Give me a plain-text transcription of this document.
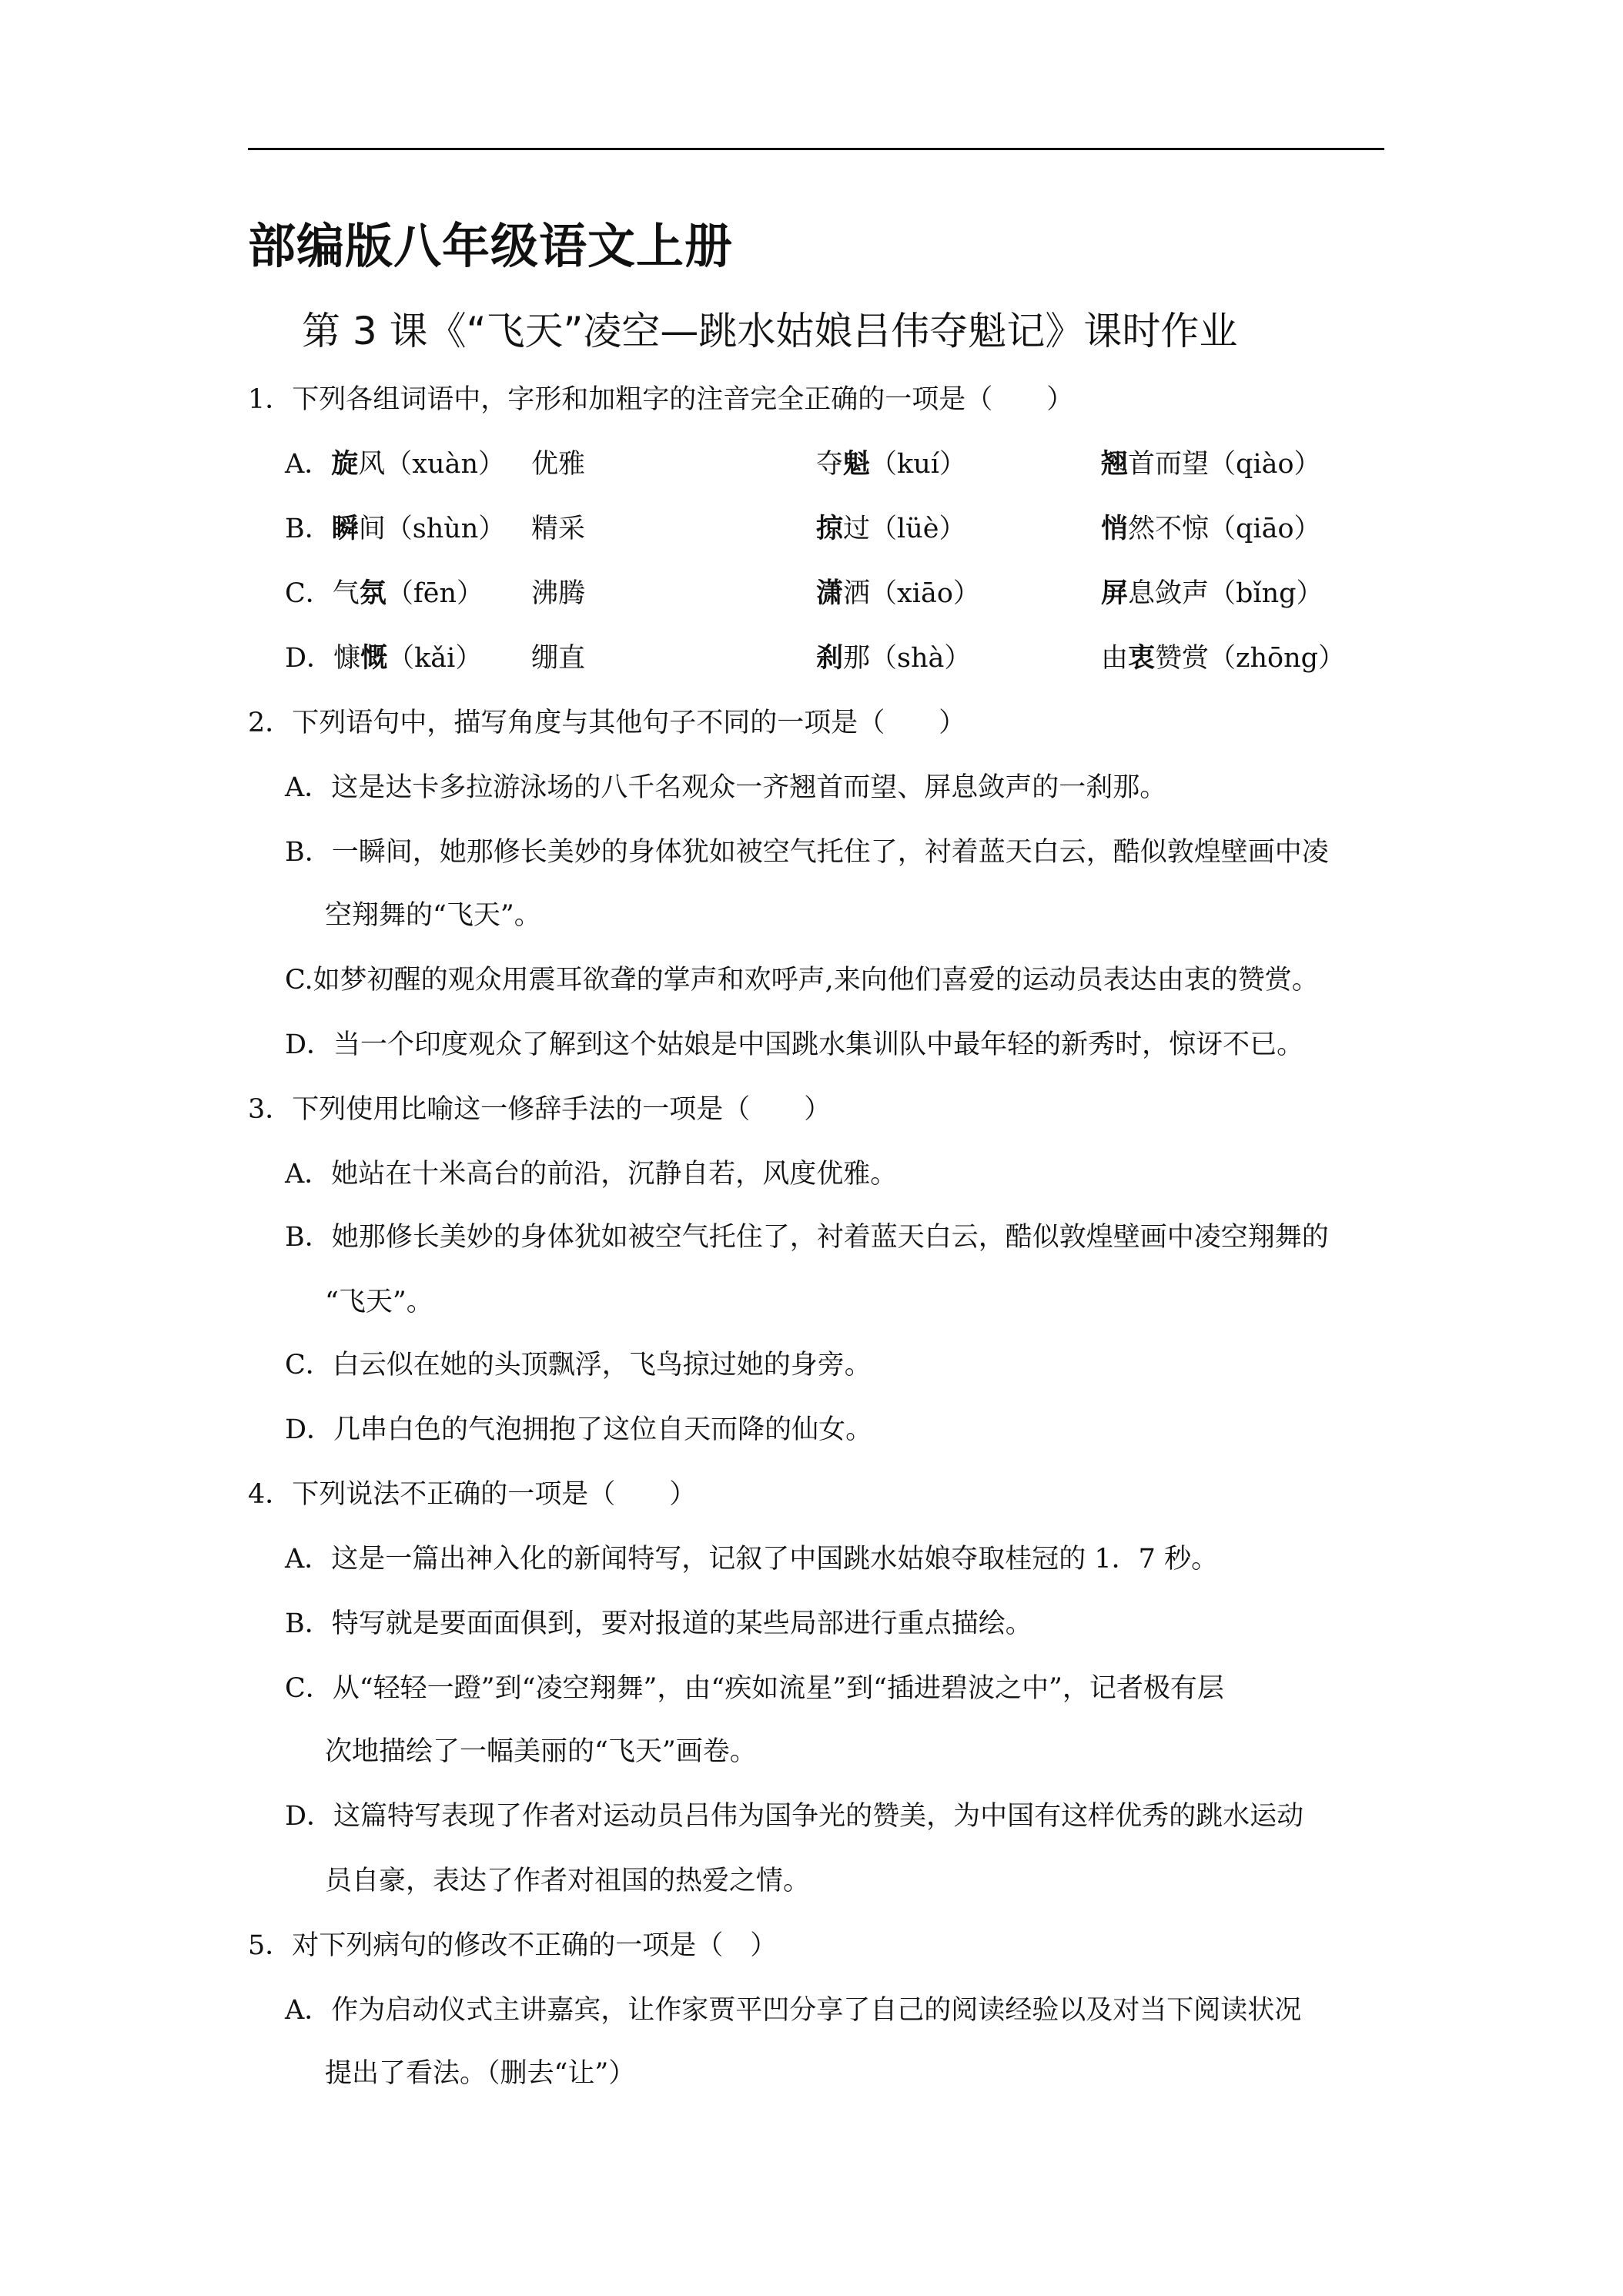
部编版八年级语文上册
第 3 课《“飞天”凌空—跳水姑娘吕伟夺魁记》课时作业
1．下列各组词语中，字形和加粗字的注音完全正确的一项是（　　）
A．旋风（xuàn） 优雅	夺魁（kuí）	翘首而望（qiào）
B．瞬间（shùn） 精采	掠过（lüè）	悄然不惊（qiāo）
C．气氛（fēn） 沸腾	潇洒（xiāo）	屏息敛声（bǐng）
D．慷慨（kǎi） 绷直	刹那（shà）	由衷赞赏（zhōng）
2．下列语句中，描写角度与其他句子不同的一项是（　　）
A．这是达卡多拉游泳场的八千名观众一齐翘首而望、屏息敛声的一刹那。
B．一瞬间，她那修长美妙的身体犹如被空气托住了，衬着蓝天白云，酷似敦煌壁画中凌
空翔舞的“飞天”。
C.如梦初醒的观众用震耳欲聋的掌声和欢呼声,来向他们喜爱的运动员表达由衷的赞赏。
D．当一个印度观众了解到这个姑娘是中国跳水集训队中最年轻的新秀时，惊讶不已。
3．下列使用比喻这一修辞手法的一项是（　　）
A．她站在十米高台的前沿，沉静自若，风度优雅。
B．她那修长美妙的身体犹如被空气托住了，衬着蓝天白云，酷似敦煌壁画中凌空翔舞的
“飞天”。
C．白云似在她的头顶飘浮，飞鸟掠过她的身旁。
D．几串白色的气泡拥抱了这位自天而降的仙女。
4．下列说法不正确的一项是（　　）
A．这是一篇出神入化的新闻特写，记叙了中国跳水姑娘夺取桂冠的 1．7 秒。
B．特写就是要面面俱到，要对报道的某些局部进行重点描绘。
C．从“轻轻一蹬”到“凌空翔舞”，由“疾如流星”到“插进碧波之中”，记者极有层
次地描绘了一幅美丽的“飞天”画卷。
D．这篇特写表现了作者对运动员吕伟为国争光的赞美，为中国有这样优秀的跳水运动
员自豪，表达了作者对祖国的热爱之情。
5．对下列病句的修改不正确的一项是（　）
A．作为启动仪式主讲嘉宾，让作家贾平凹分享了自己的阅读经验以及对当下阅读状况
提出了看法。（删去“让”）
